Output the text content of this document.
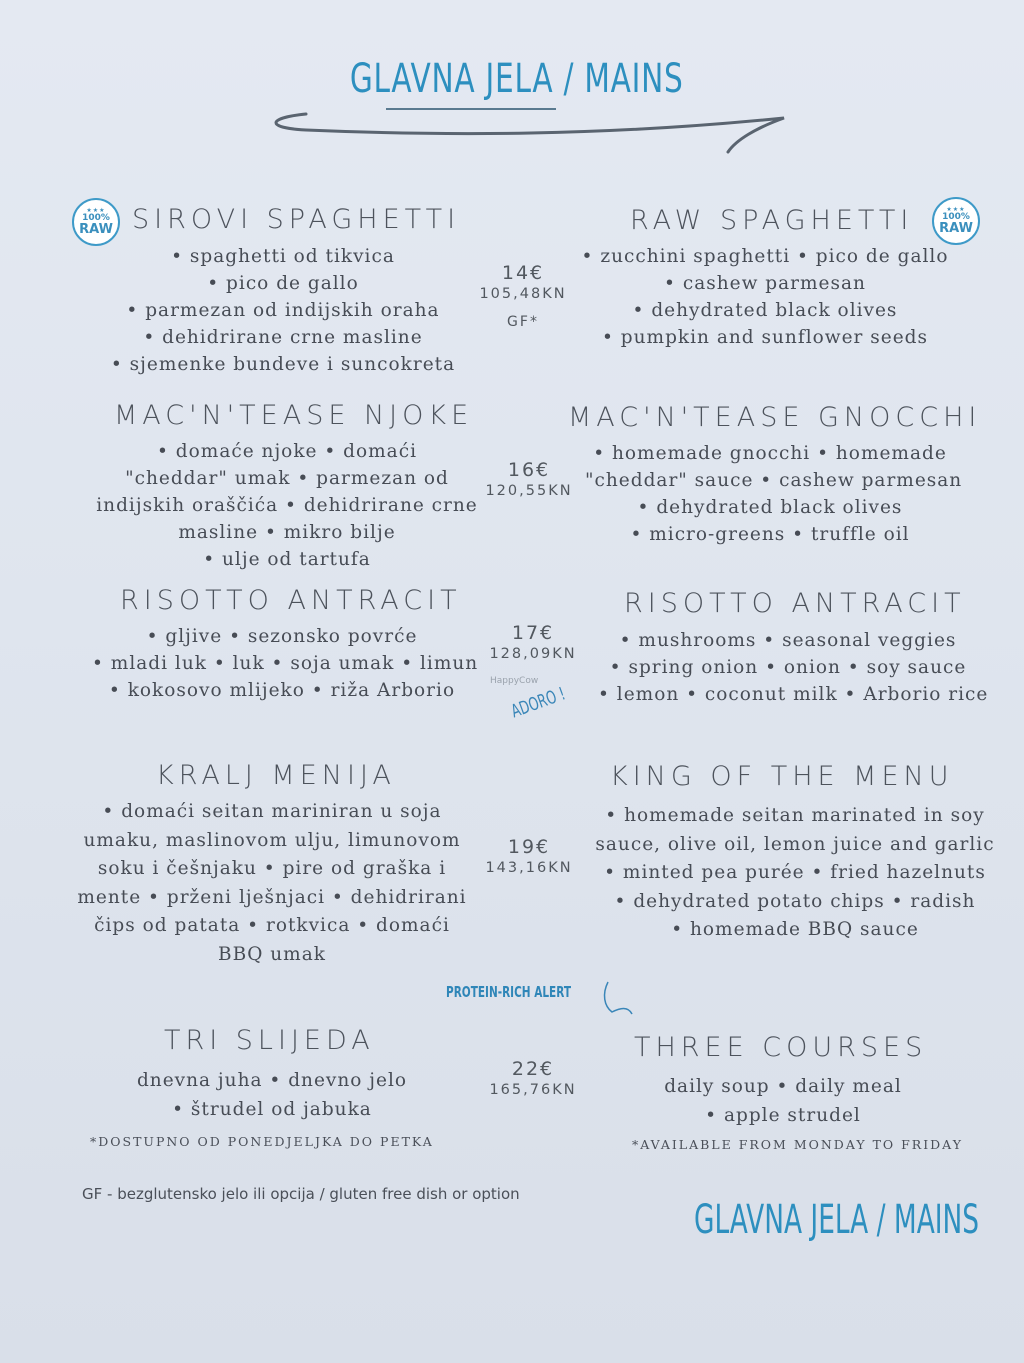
GLAVNA JELA / MAINS
★★★
100%
RAW SIROVI SPAGHETTI
• spaghetti od tikvica
• pico de gallo
• parmezan od indijskih oraha
• dehidrirane crne masline
• sjemenke bundeve i suncokreta
14€
105,48KN
GF*
RAW SPAGHETTI	★★★
100%
RAW
• zucchini spaghetti • pico de gallo
• cashew parmesan
• dehydrated black olives
• pumpkin and sunflower seeds
MAC'N'TEASE NJOKE
• domaće njoke • domaći
"cheddar" umak • parmezan od
indijskih oraščića • dehidrirane crne
masline • mikro bilje
• ulje od tartufa
16€
120,55KN
MAC'N'TEASE GNOCCHI
• homemade gnocchi • homemade
"cheddar" sauce • cashew parmesan
• dehydrated black olives
• micro-greens • truffle oil
RISOTTO ANTRACIT
• gljive • sezonsko povrće
• mladi luk • luk • soja umak • limun
• kokosovo mlijeko • riža Arborio
17€
128,09KN
RISOTTO ANTRACIT
• mushrooms • seasonal veggies
• spring onion • onion • soy sauce
• lemon • coconut milk • Arborio rice
HappyCow
ADORO !
KRALJ MENIJA
• domaći seitan mariniran u soja
umaku, maslinovom ulju, limunovom
soku i češnjaku • pire od graška i
mente • prženi lješnjaci • dehidrirani
čips od patata • rotkvica • domaći
BBQ umak
19€
143,16KN
KING OF THE MENU
• homemade seitan marinated in soy
sauce, olive oil, lemon juice and garlic
• minted pea purée • fried hazelnuts
• dehydrated potato chips • radish
• homemade BBQ sauce
PROTEIN-RICH ALERT
TRI SLIJEDA
dnevna juha • dnevno jelo
• štrudel od jabuka
*DOSTUPNO OD PONEDJELJKA DO PETKA
22€
165,76KN
THREE COURSES
daily soup • daily meal
• apple strudel
*AVAILABLE FROM MONDAY TO FRIDAY
GF - bezglutensko jelo ili opcija / gluten free dish or option
GLAVNA JELA / MAINS
